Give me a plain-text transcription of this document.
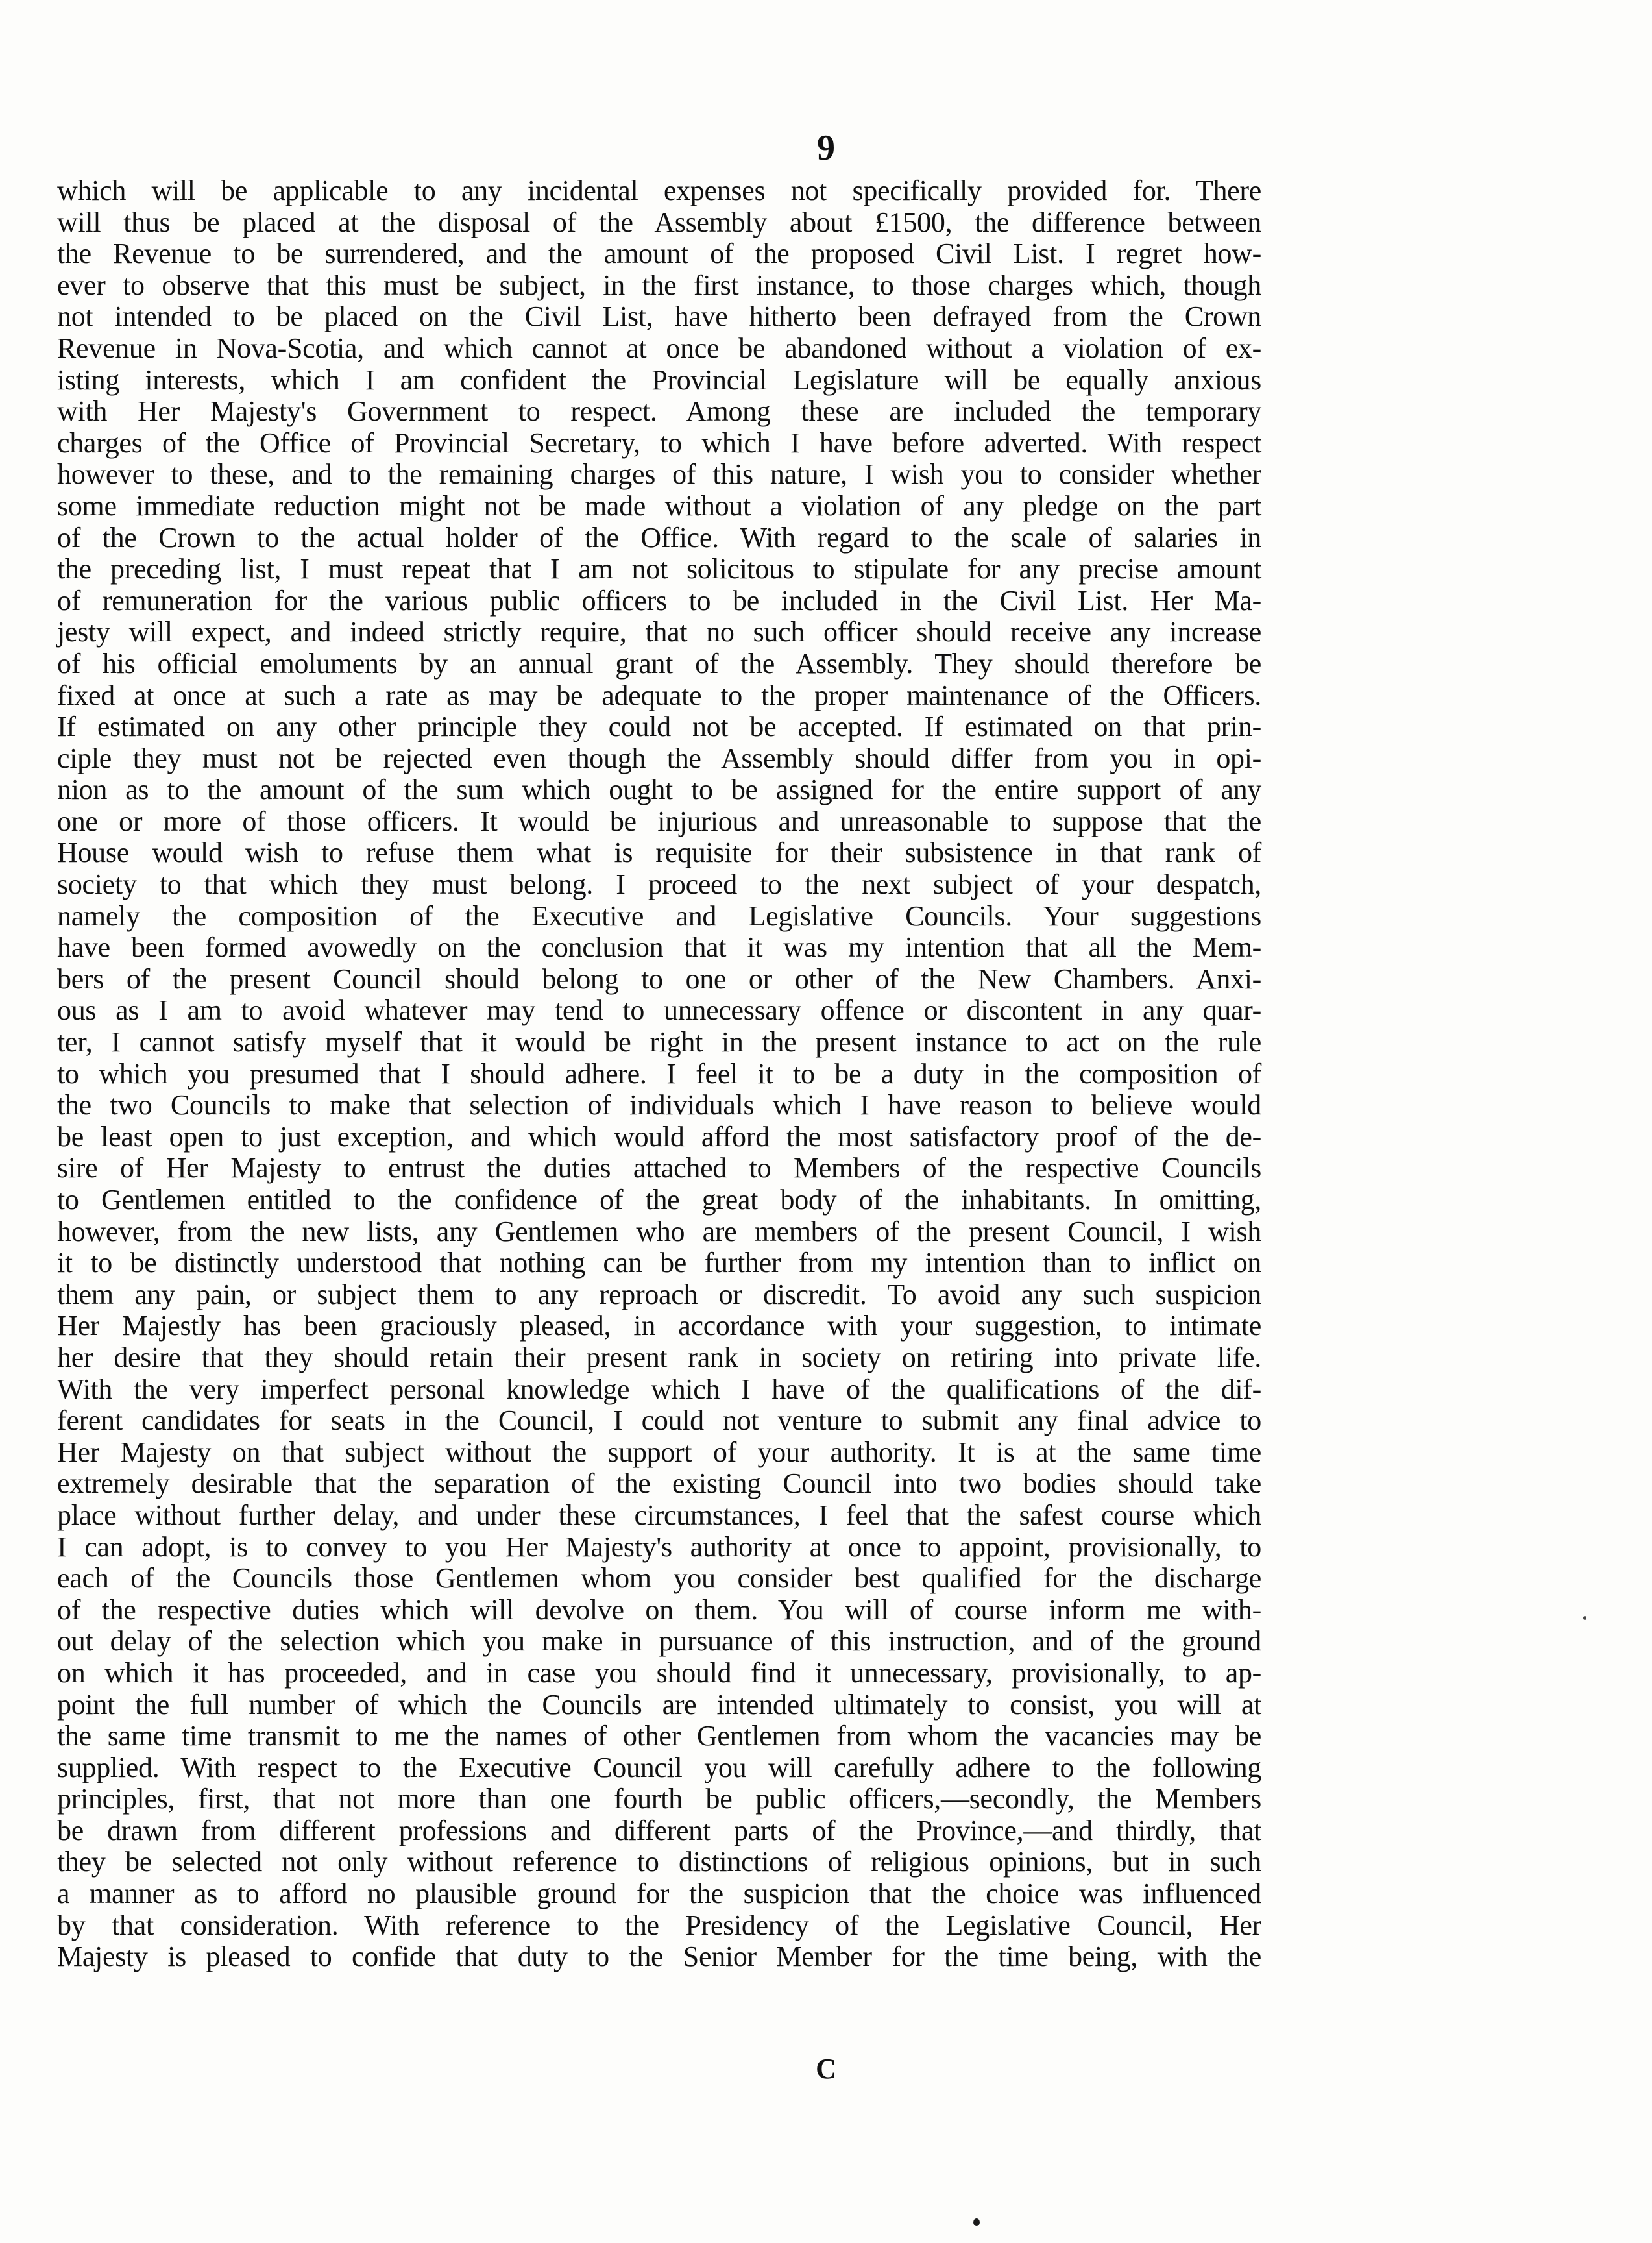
9
which will be applicable to any incidental expenses not specifically provided for. There
will thus be placed at the disposal of the Assembly about £1500, the difference between
the Revenue to be surrendered, and the amount of the proposed Civil List. I regret how-
ever to observe that this must be subject, in the first instance, to those charges which, though
not intended to be placed on the Civil List, have hitherto been defrayed from the Crown
Revenue in Nova-Scotia, and which cannot at once be abandoned without a violation of ex-
isting interests, which I am confident the Provincial Legislature will be equally anxious
with Her Majesty's Government to respect. Among these are included the temporary
charges of the Office of Provincial Secretary, to which I have before adverted. With respect
however to these, and to the remaining charges of this nature, I wish you to consider whether
some immediate reduction might not be made without a violation of any pledge on the part
of the Crown to the actual holder of the Office. With regard to the scale of salaries in
the preceding list, I must repeat that I am not solicitous to stipulate for any precise amount
of remuneration for the various public officers to be included in the Civil List. Her Ma-
jesty will expect, and indeed strictly require, that no such officer should receive any increase
of his official emoluments by an annual grant of the Assembly. They should therefore be
fixed at once at such a rate as may be adequate to the proper maintenance of the Officers.
If estimated on any other principle they could not be accepted. If estimated on that prin-
ciple they must not be rejected even though the Assembly should differ from you in opi-
nion as to the amount of the sum which ought to be assigned for the entire support of any
one or more of those officers. It would be injurious and unreasonable to suppose that the
House would wish to refuse them what is requisite for their subsistence in that rank of
society to that which they must belong. I proceed to the next subject of your despatch,
namely the composition of the Executive and Legislative Councils. Your suggestions
have been formed avowedly on the conclusion that it was my intention that all the Mem-
bers of the present Council should belong to one or other of the New Chambers. Anxi-
ous as I am to avoid whatever may tend to unnecessary offence or discontent in any quar-
ter, I cannot satisfy myself that it would be right in the present instance to act on the rule
to which you presumed that I should adhere. I feel it to be a duty in the composition of
the two Councils to make that selection of individuals which I have reason to believe would
be least open to just exception, and which would afford the most satisfactory proof of the de-
sire of Her Majesty to entrust the duties attached to Members of the respective Councils
to Gentlemen entitled to the confidence of the great body of the inhabitants. In omitting,
however, from the new lists, any Gentlemen who are members of the present Council, I wish
it to be distinctly understood that nothing can be further from my intention than to inflict on
them any pain, or subject them to any reproach or discredit. To avoid any such suspicion
Her Majestly has been graciously pleased, in accordance with your suggestion, to intimate
her desire that they should retain their present rank in society on retiring into private life.
With the very imperfect personal knowledge which I have of the qualifications of the dif-
ferent candidates for seats in the Council, I could not venture to submit any final advice to
Her Majesty on that subject without the support of your authority. It is at the same time
extremely desirable that the separation of the existing Council into two bodies should take
place without further delay, and under these circumstances, I feel that the safest course which
I can adopt, is to convey to you Her Majesty's authority at once to appoint, provisionally, to
each of the Councils those Gentlemen whom you consider best qualified for the discharge
of the respective duties which will devolve on them. You will of course inform me with-
out delay of the selection which you make in pursuance of this instruction, and of the ground
on which it has proceeded, and in case you should find it unnecessary, provisionally, to ap-
point the full number of which the Councils are intended ultimately to consist, you will at
the same time transmit to me the names of other Gentlemen from whom the vacancies may be
supplied. With respect to the Executive Council you will carefully adhere to the following
principles, first, that not more than one fourth be public officers,—secondly, the Members
be drawn from different professions and different parts of the Province,—and thirdly, that
they be selected not only without reference to distinctions of religious opinions, but in such
a manner as to afford no plausible ground for the suspicion that the choice was influenced
by that consideration. With reference to the Presidency of the Legislative Council, Her
Majesty is pleased to confide that duty to the Senior Member for the time being, with the
C
